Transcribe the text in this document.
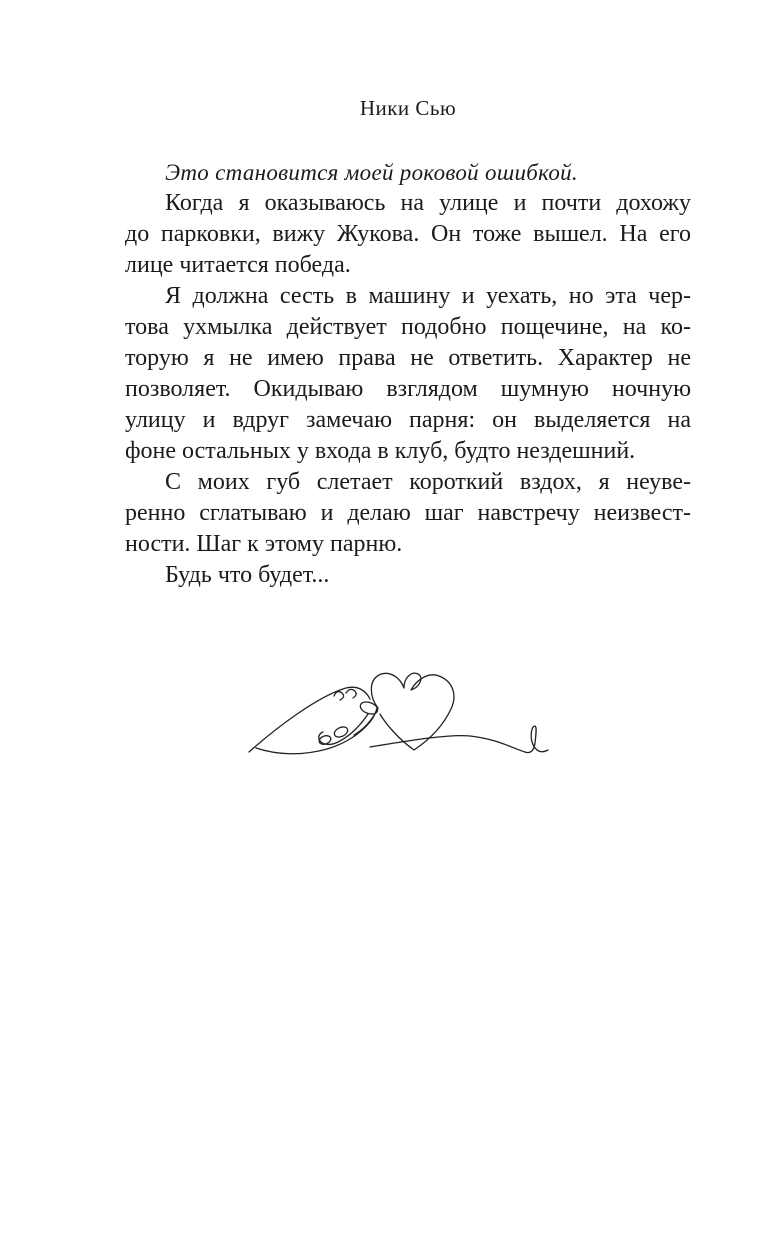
Ники Сью
Это становится моей роковой ошибкой.
Когда я оказываюсь на улице и почти дохожу
до парковки, вижу Жукова. Он тоже вышел. На его
лице читается победа.
Я должна сесть в машину и уехать, но эта чер-
това ухмылка действует подобно пощечине, на ко-
торую я не имею права не ответить. Характер не
позволяет. Окидываю взглядом шумную ночную
улицу и вдруг замечаю парня: он выделяется на
фоне остальных у входа в клуб, будто нездешний.
С моих губ слетает короткий вздох, я неуве-
ренно сглатываю и делаю шаг навстречу неизвест-
ности. Шаг к этому парню.
Будь что будет...
